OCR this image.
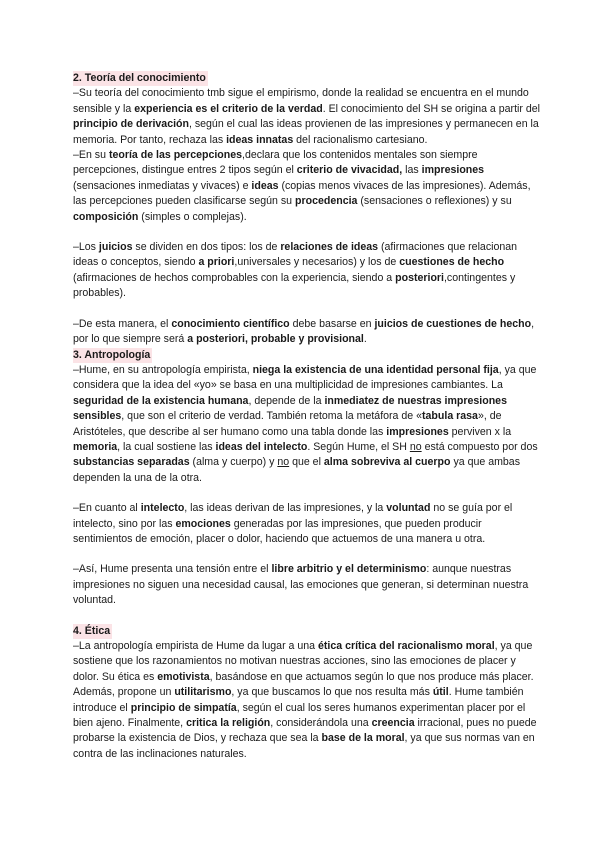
2. Teoría del conocimiento

–Su teoría del conocimiento tmb sigue el empirismo, donde la realidad se encuentra en el mundo sensible y la experiencia es el criterio de la verdad. El conocimiento del SH se origina a partir del principio de derivación, según el cual las ideas provienen de las impresiones y permanecen en la memoria. Por tanto, rechaza las ideas innatas del racionalismo cartesiano.

–En su teoría de las percepciones,declara que los contenidos mentales son siempre percepciones, distingue entres 2 tipos según el criterio de vivacidad, las impresiones (sensaciones inmediatas y vivaces) e ideas (copias menos vivaces de las impresiones). Además, las percepciones pueden clasificarse según su procedencia (sensaciones o reflexiones) y su composición (simples o complejas).

–Los juicios se dividen en dos tipos: los de relaciones de ideas (afirmaciones que relacionan ideas o conceptos, siendo a priori,universales y necesarios) y los de cuestiones de hecho (afirmaciones de hechos comprobables con la experiencia, siendo a posteriori,contingentes y probables).

–De esta manera, el conocimiento científico debe basarse en juicios de cuestiones de hecho, por lo que siempre será a posteriori, probable y provisional.

3. Antropología

–Hume, en su antropología empirista, niega la existencia de una identidad personal fija, ya que considera que la idea del «yo» se basa en una multiplicidad de impresiones cambiantes. La seguridad de la existencia humana, depende de la inmediatez de nuestras impresiones sensibles, que son el criterio de verdad. También retoma la metáfora de «tabula rasa», de Aristóteles, que describe al ser humano como una tabla donde las impresiones perviven x la memoria, la cual sostiene las ideas del intelecto. Según Hume, el SH no está compuesto por dos substancias separadas (alma y cuerpo) y no que el alma sobreviva al cuerpo ya que ambas dependen la una de la otra.

–En cuanto al intelecto, las ideas derivan de las impresiones, y la voluntad no se guía por el intelecto, sino por las emociones generadas por las impresiones, que pueden producir sentimientos de emoción, placer o dolor, haciendo que actuemos de una manera u otra.

–Así, Hume presenta una tensión entre el libre arbitrio y el determinismo: aunque nuestras impresiones no siguen una necesidad causal, las emociones que generan, si determinan nuestra voluntad.

4. Ética

–La antropología empirista de Hume da lugar a una ética crítica del racionalismo moral, ya que sostiene que los razonamientos no motivan nuestras acciones, sino las emociones de placer y dolor. Su ética es emotivista, basándose en que actuamos según lo que nos produce más placer. Además, propone un utilitarismo, ya que buscamos lo que nos resulta más útil. Hume también introduce el principio de simpatía, según el cual los seres humanos experimentan placer por el bien ajeno. Finalmente, critica la religión, considerándola una creencia irracional, pues no puede probarse la existencia de Dios, y rechaza que sea la base de la moral, ya que sus normas van en contra de las inclinaciones naturales.
